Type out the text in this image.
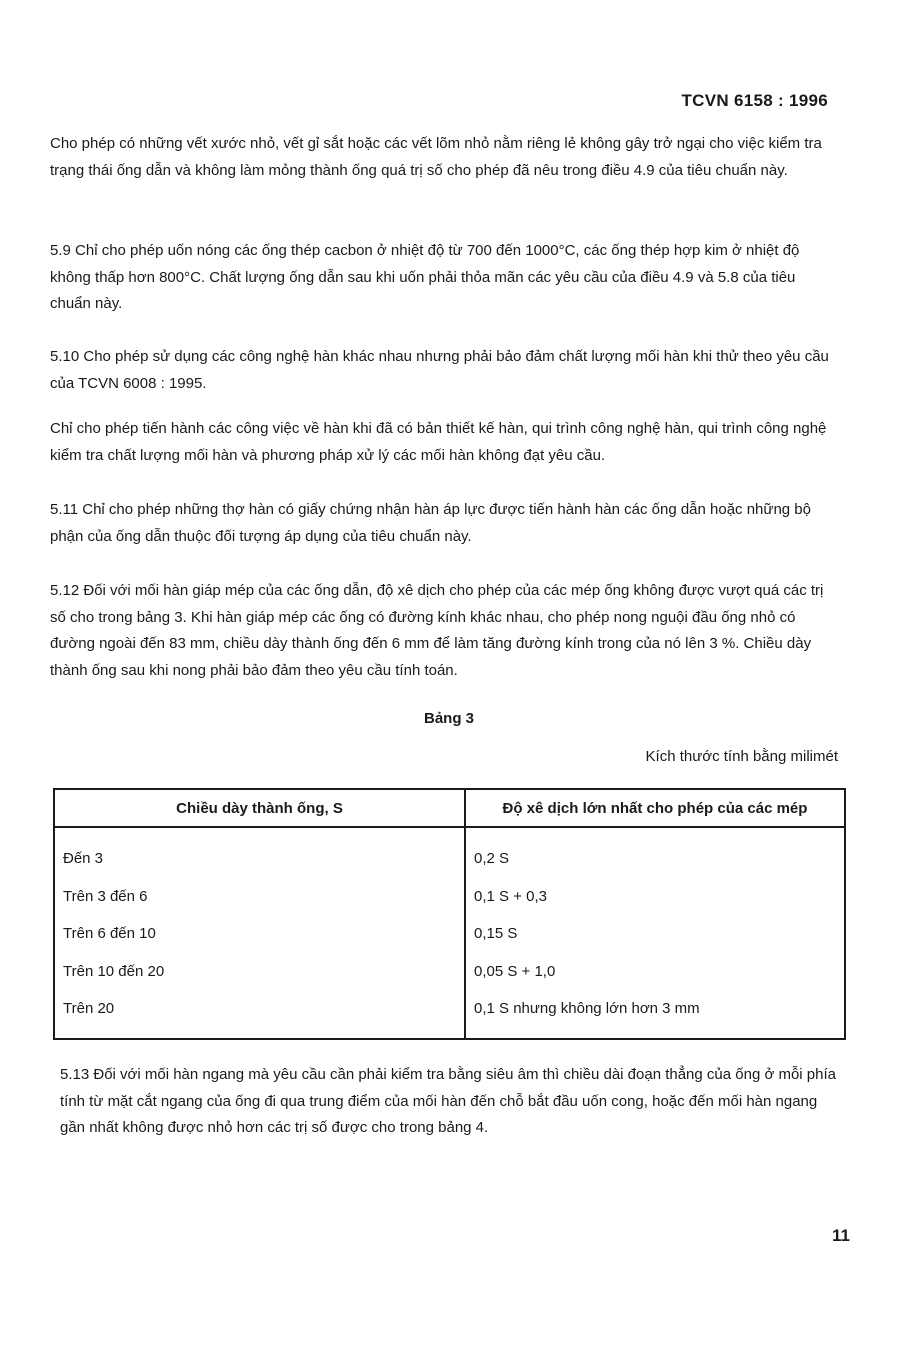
TCVN 6158 : 1996

Cho phép có những vết xước nhỏ, vết gỉ sắt hoặc các vết lõm nhỏ nằm riêng lẻ không gây trở ngại cho việc kiểm tra trạng thái ống dẫn và không làm mỏng thành ống quá trị số cho phép đã nêu trong điều 4.9 của tiêu chuẩn này.

5.9 Chỉ cho phép uốn nóng các ống thép cacbon ở nhiệt độ từ 700 đến 1000°C, các ống thép hợp kim ở nhiệt độ không thấp hơn 800°C. Chất lượng ống dẫn sau khi uốn phải thỏa mãn các yêu cầu của điều 4.9 và 5.8 của tiêu chuẩn này.

5.10 Cho phép sử dụng các công nghệ hàn khác nhau nhưng phải bảo đảm chất lượng mối hàn khi thử theo yêu cầu của TCVN 6008 : 1995.

Chỉ cho phép tiến hành các công việc về hàn khi đã có bản thiết kế hàn, qui trình công nghệ hàn, qui trình công nghệ kiểm tra chất lượng mối hàn và phương pháp xử lý các mối hàn không đạt yêu cầu.

5.11 Chỉ cho phép những thợ hàn có giấy chứng nhận hàn áp lực được tiến hành hàn các ống dẫn hoặc những bộ phận của ống dẫn thuộc đối tượng áp dụng của tiêu chuẩn này.

5.12 Đối với mối hàn giáp mép của các ống dẫn, độ xê dịch cho phép của các mép ống không được vượt quá các trị số cho trong bảng 3. Khi hàn giáp mép các ống có đường kính khác nhau, cho phép nong nguội đầu ống nhỏ có đường ngoài đến 83 mm, chiều dày thành ống đến 6 mm để làm tăng đường kính trong của nó lên 3 %. Chiều dày thành ống sau khi nong phải bảo đảm theo yêu cầu tính toán.

Bảng 3
Kích thước tính bằng milimét
Chiều dày thành ống, S	Độ xê dịch lớn nhất cho phép của các mép
Đến 3	0,2 S
Trên 3 đến 6	0,1 S + 0,3
Trên 6 đến 10	0,15 S
Trên 10 đến 20	0,05 S + 1,0
Trên 20	0,1 S nhưng không lớn hơn 3 mm

5.13 Đối với mối hàn ngang mà yêu cầu cần phải kiểm tra bằng siêu âm thì chiều dài đoạn thẳng của ống ở mỗi phía tính từ mặt cắt ngang của ống đi qua trung điểm của mối hàn đến chỗ bắt đầu uốn cong, hoặc đến mối hàn ngang gần nhất không được nhỏ hơn các trị số được cho trong bảng 4.

11
